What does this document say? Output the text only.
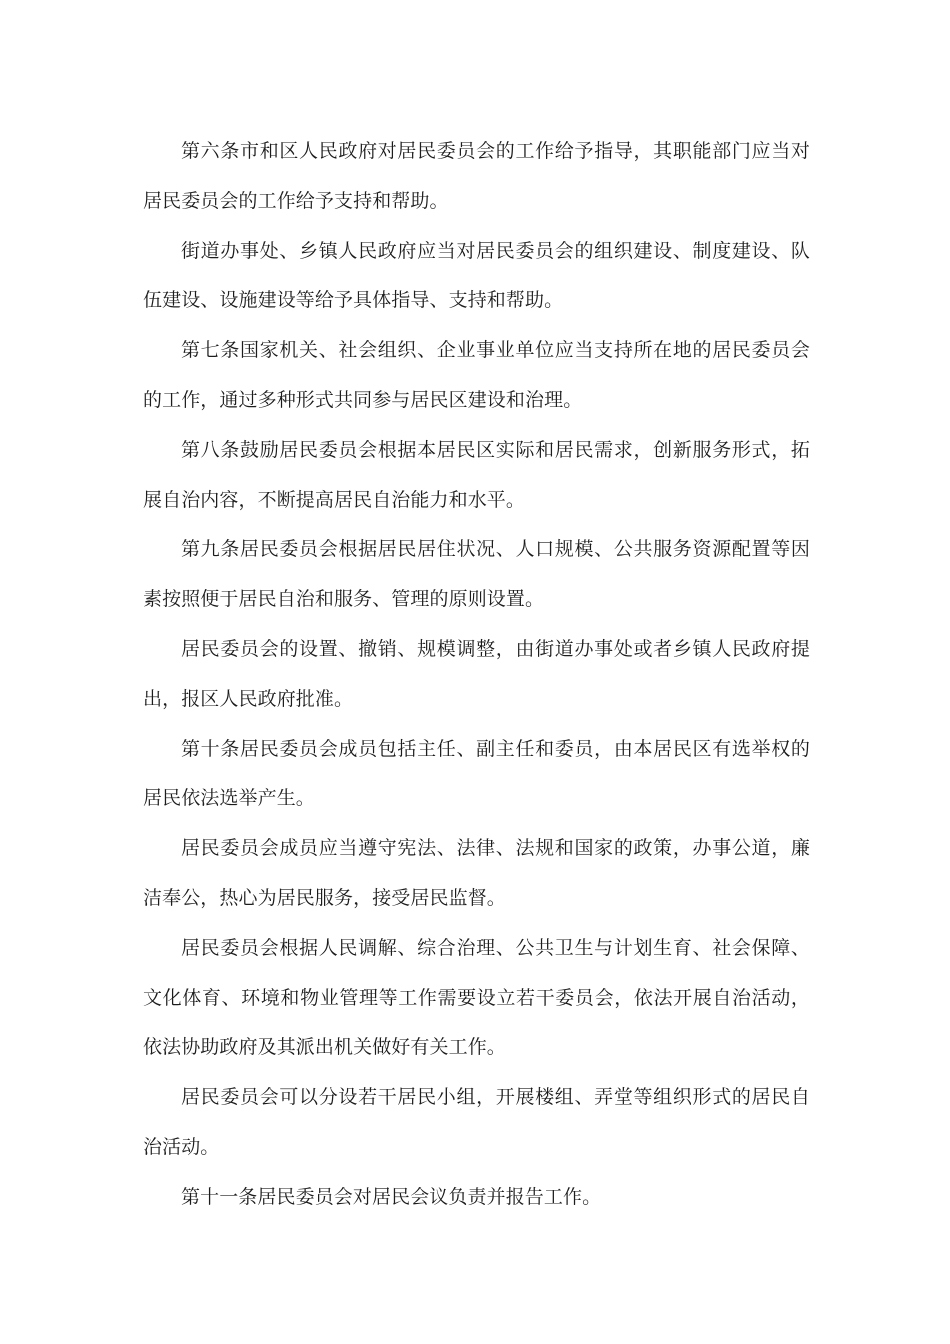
第六条市和区人民政府对居民委员会的工作给予指导，其职能部门应当对居民委员会的工作给予支持和帮助。

街道办事处、乡镇人民政府应当对居民委员会的组织建设、制度建设、队伍建设、设施建设等给予具体指导、支持和帮助。

第七条国家机关、社会组织、企业事业单位应当支持所在地的居民委员会的工作，通过多种形式共同参与居民区建设和治理。

第八条鼓励居民委员会根据本居民区实际和居民需求，创新服务形式，拓展自治内容，不断提高居民自治能力和水平。

第九条居民委员会根据居民居住状况、人口规模、公共服务资源配置等因素按照便于居民自治和服务、管理的原则设置。

居民委员会的设置、撤销、规模调整，由街道办事处或者乡镇人民政府提出，报区人民政府批准。

第十条居民委员会成员包括主任、副主任和委员，由本居民区有选举权的居民依法选举产生。

居民委员会成员应当遵守宪法、法律、法规和国家的政策，办事公道，廉洁奉公，热心为居民服务，接受居民监督。

居民委员会根据人民调解、综合治理、公共卫生与计划生育、社会保障、文化体育、环境和物业管理等工作需要设立若干委员会，依法开展自治活动，依法协助政府及其派出机关做好有关工作。

居民委员会可以分设若干居民小组，开展楼组、弄堂等组织形式的居民自治活动。

第十一条居民委员会对居民会议负责并报告工作。
